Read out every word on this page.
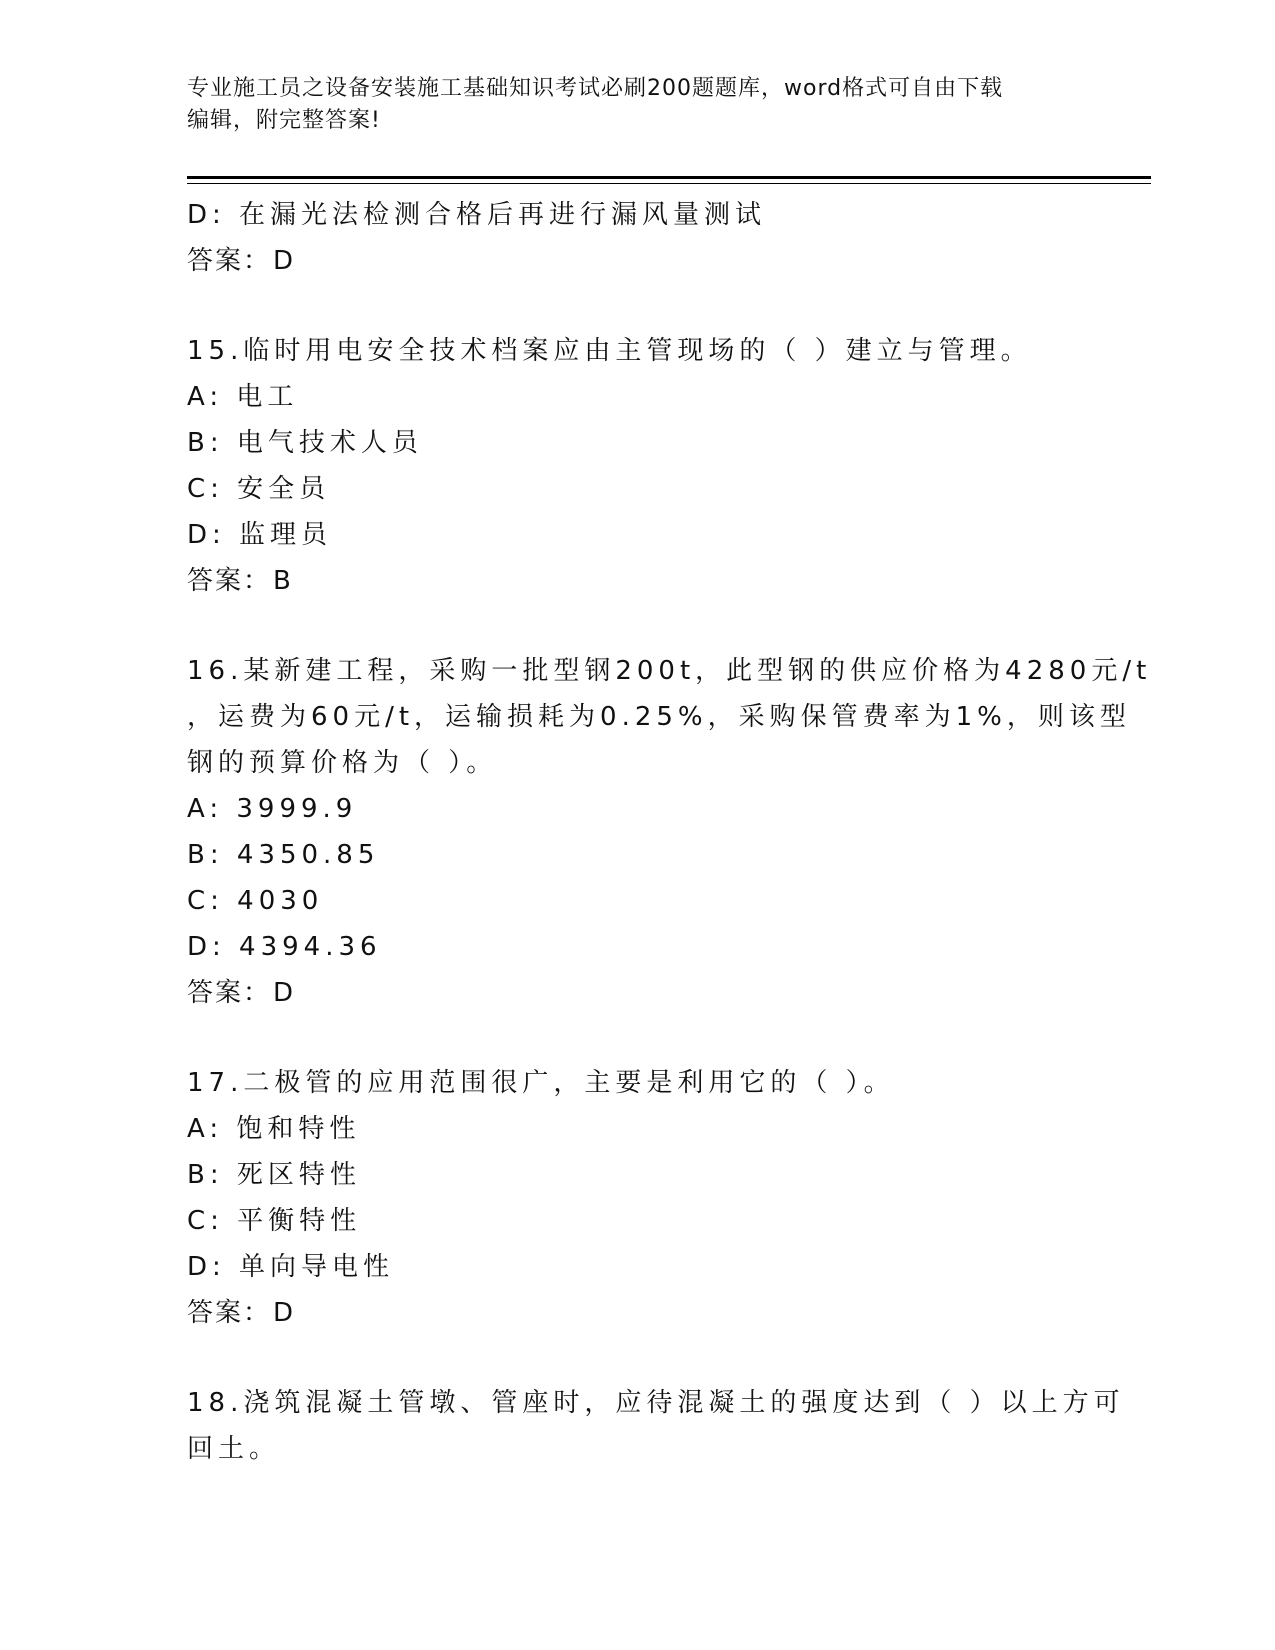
专业施工员之设备安装施工基础知识考试必刷200题题库，word格式可自由下载
编辑，附完整答案!
D: 在漏光法检测合格后再进行漏风量测试
答案：D
15.临时用电安全技术档案应由主管现场的（ ）建立与管理。
A: 电工
B: 电气技术人员
C: 安全员
D: 监理员
答案：B
16.某新建工程，采购一批型钢200t，此型钢的供应价格为4280元/t
，运费为60元/t，运输损耗为0.25%，采购保管费率为1%，则该型
钢的预算价格为（ ）。
A: 3999.9
B: 4350.85
C: 4030
D: 4394.36
答案：D
17.二极管的应用范围很广，主要是利用它的（ ）。
A: 饱和特性
B: 死区特性
C: 平衡特性
D: 单向导电性
答案：D
18.浇筑混凝土管墩、管座时，应待混凝土的强度达到（ ）以上方可
回土。
